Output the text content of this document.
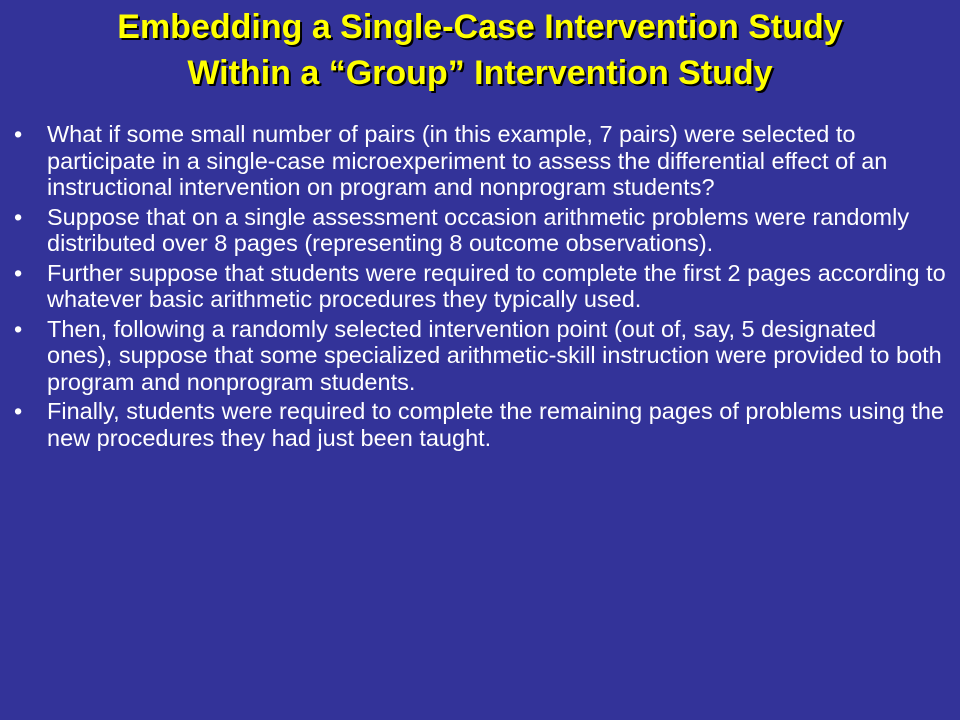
Embedding a Single-Case Intervention Study
Within a “Group” Intervention Study
• What if some small number of pairs (in this example, 7 pairs) were selected to participate in a single-case microexperiment to assess the differential effect of an instructional intervention on program and nonprogram students?
• Suppose that on a single assessment occasion arithmetic problems were randomly distributed over 8 pages (representing 8 outcome observations).
• Further suppose that students were required to complete the first 2 pages according to whatever basic arithmetic procedures they typically used.
• Then, following a randomly selected intervention point (out of, say, 5 designated ones), suppose that some specialized arithmetic-skill instruction were provided to both program and nonprogram students.
• Finally, students were required to complete the remaining pages of problems using the new procedures they had just been taught.
